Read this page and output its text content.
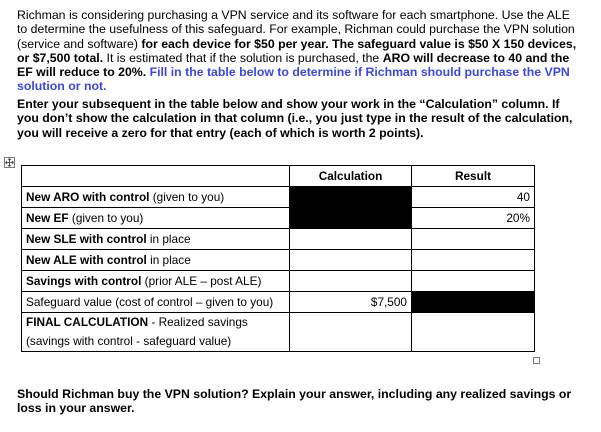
Richman is considering purchasing a VPN service and its software for each smartphone. Use the ALE to determine the usefulness of this safeguard. For example, Richman could purchase the VPN solution (service and software) for each device for $50 per year. The safeguard value is $50 X 150 devices, or $7,500 total. It is estimated that if the solution is purchased, the ARO will decrease to 40 and the EF will reduce to 20%. Fill in the table below to determine if Richman should purchase the VPN solution or not.
Enter your subsequent in the table below and show your work in the “Calculation” column. If you don’t show the calculation in that column (i.e., you just type in the result of the calculation, you will receive a zero for that entry (each of which is worth 2 points).
	Calculation	Result
New ARO with control (given to you)		40
New EF (given to you)		20%
New SLE with control in place		
New ALE with control in place		
Savings with control (prior ALE – post ALE)		
Safeguard value (cost of control – given to you)	$7,500	

FINAL CALCULATION - Realized savings
(savings with control - safeguard value)		

Should Richman buy the VPN solution? Explain your answer, including any realized savings or loss in your answer.
